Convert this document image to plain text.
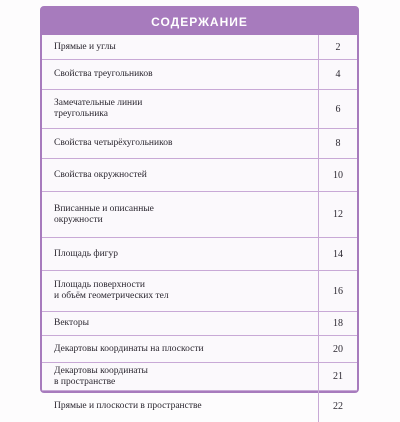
СОДЕРЖАНИЕ
Прямые и углы	2
Свойства треугольников	4
Замечательные линии
треугольника	6
Свойства четырёхугольников	8
Свойства окружностей	10
Вписанные и описанные
окружности	12
Площадь фигур	14
Площадь поверхности
и объём геометрических тел	16
Векторы	18
Декартовы координаты на плоскости	20
Декартовы координаты
в пространстве	21
Прямые и плоскости в пространстве	22
